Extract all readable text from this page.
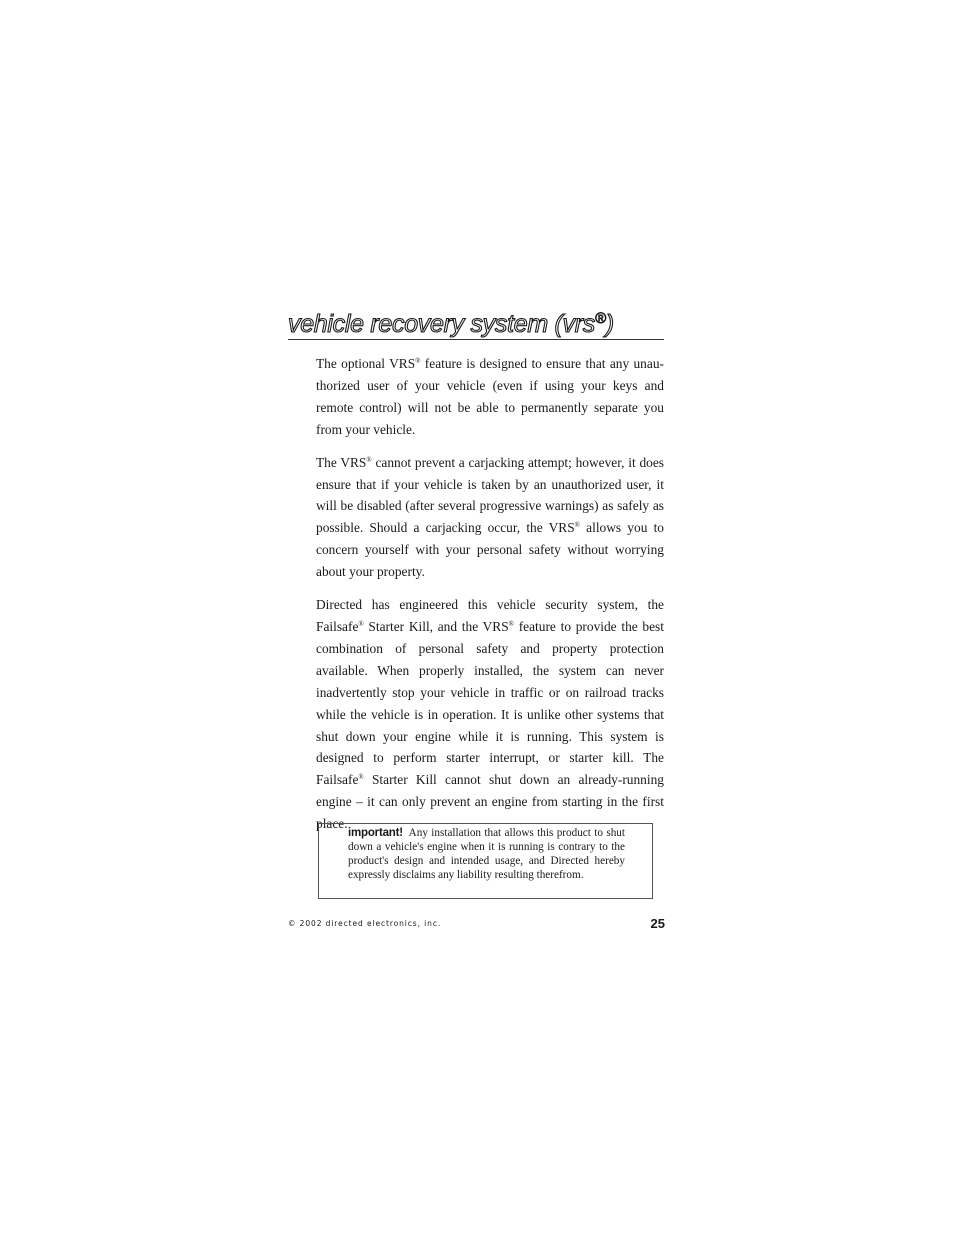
vehicle recovery system (vrs®)

The optional VRS® feature is designed to ensure that any unauthorized user of your vehicle (even if using your keys and remote control) will not be able to permanently separate you from your vehicle.

The VRS® cannot prevent a carjacking attempt; however, it does ensure that if your vehicle is taken by an unauthorized user, it will be disabled (after several progressive warnings) as safely as possible. Should a carjacking occur, the VRS® allows you to concern yourself with your personal safety without worrying about your property.

Directed has engineered this vehicle security system, the Failsafe® Starter Kill, and the VRS® feature to provide the best combination of personal safety and property protection available. When properly installed, the system can never inadvertently stop your vehicle in traffic or on railroad tracks while the vehicle is in operation. It is unlike other systems that shut down your engine while it is running. This system is designed to perform starter interrupt, or starter kill. The Failsafe® Starter Kill cannot shut down an already-running engine – it can only prevent an engine from starting in the first place.

important! Any installation that allows this product to shut down a vehicle's engine when it is running is contrary to the product's design and intended usage, and Directed hereby expressly disclaims any liability resulting therefrom.
© 2002 directed electronics, inc.	25
